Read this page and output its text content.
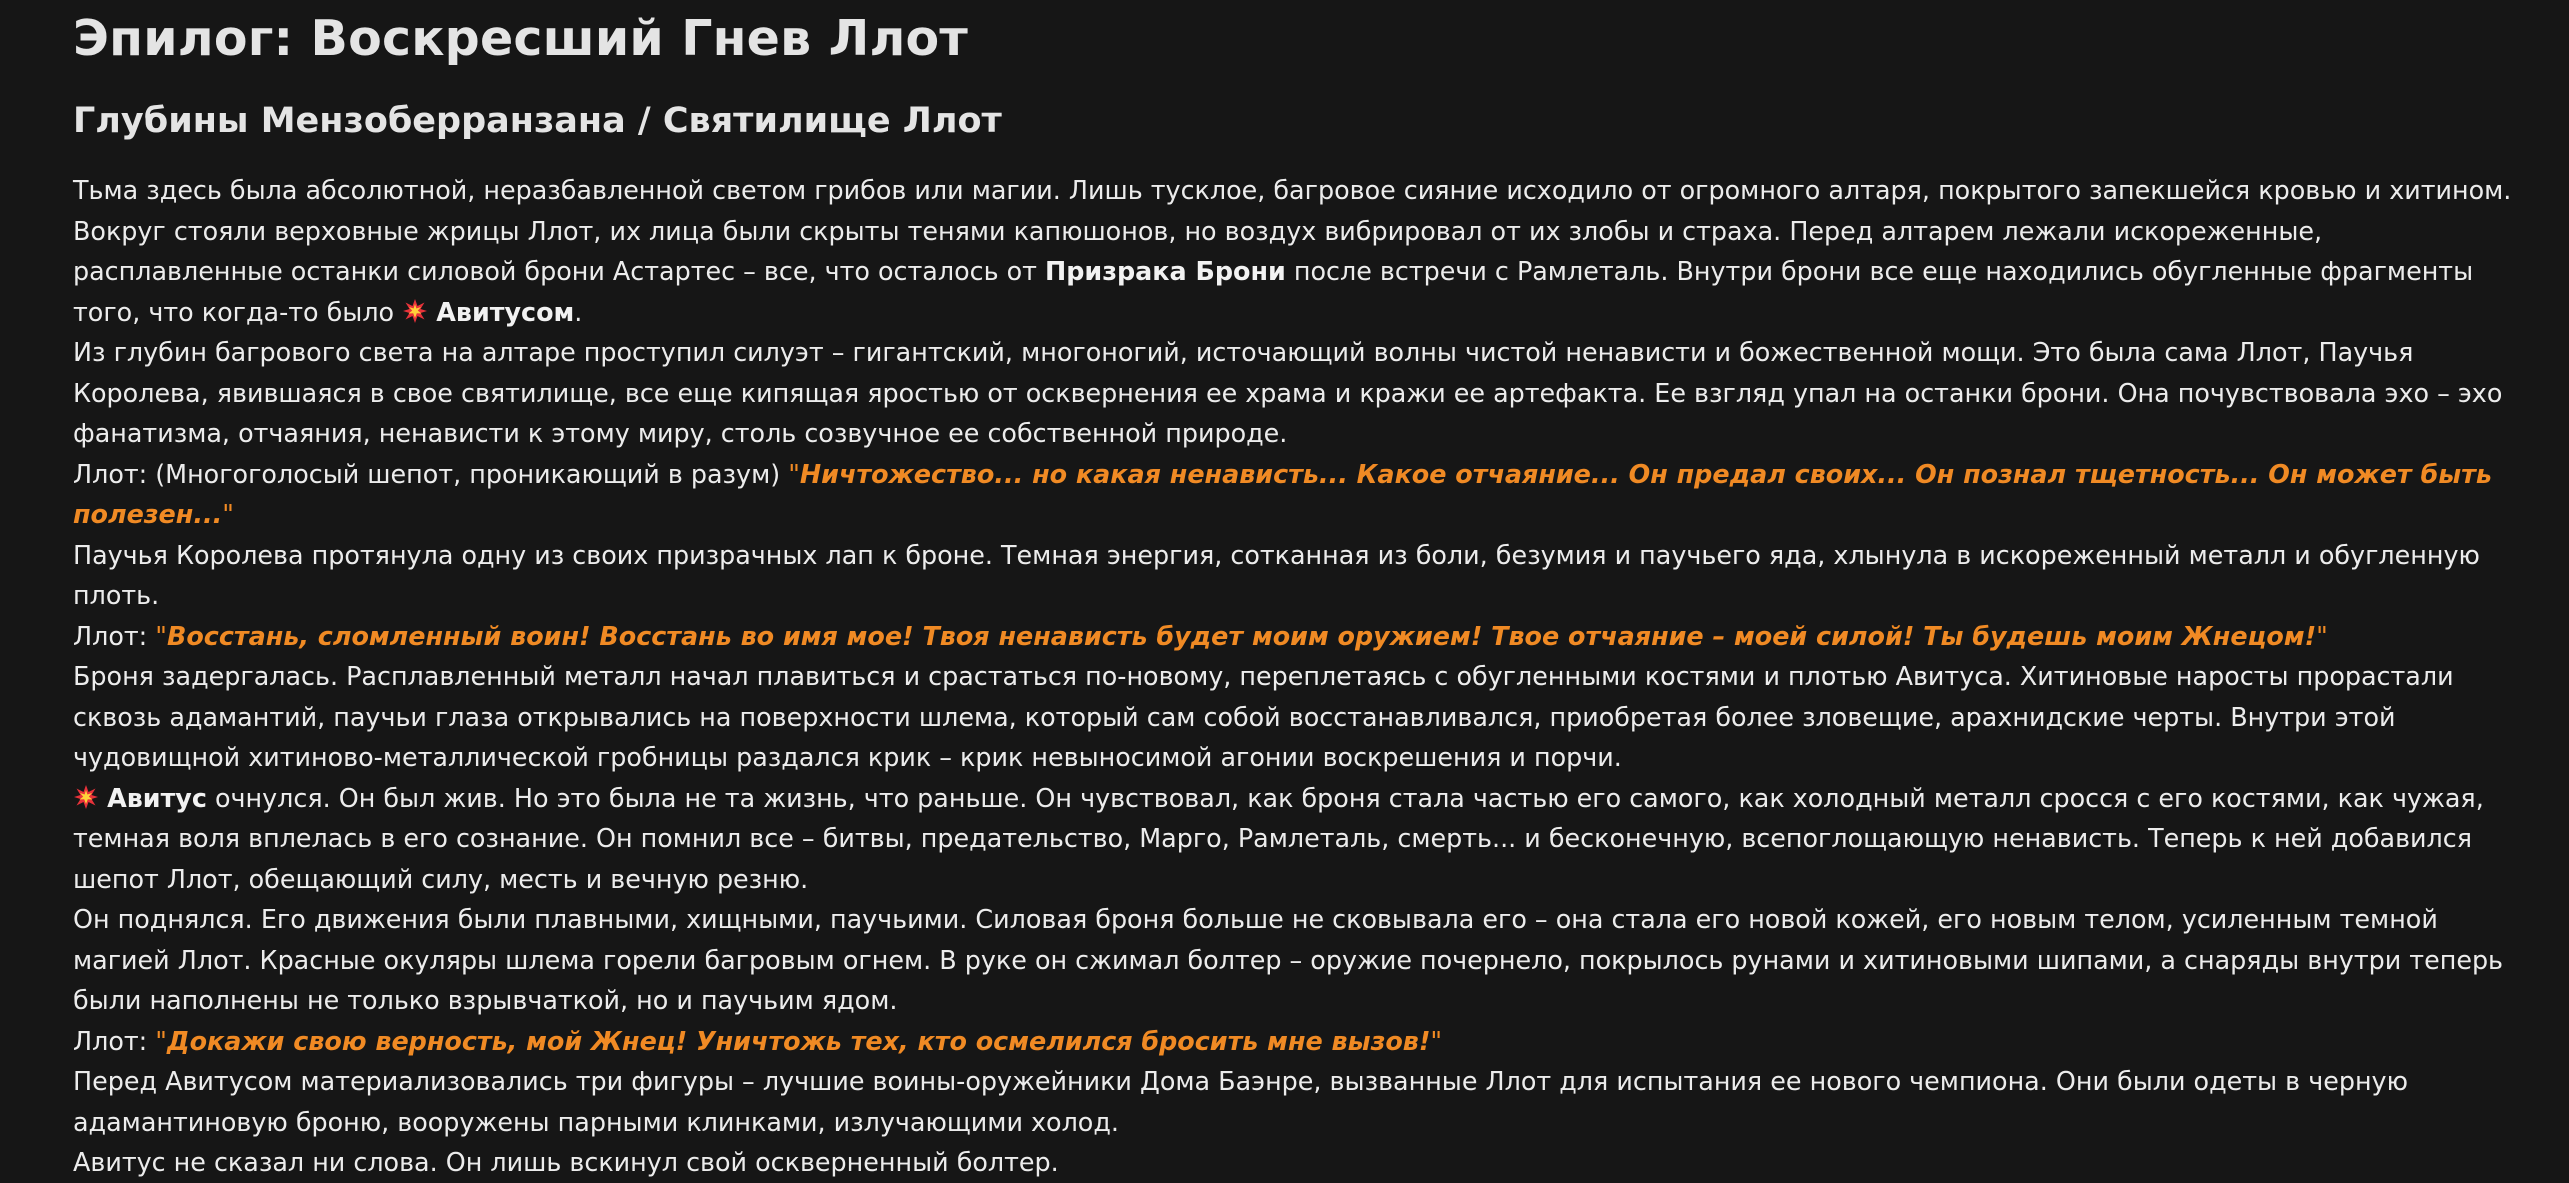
Эпилог: Воскресший Гнев Ллот
Глубины Мензоберранзана / Святилище Ллот

Тьма здесь была абсолютной, неразбавленной светом грибов или магии. Лишь тусклое, багровое сияние исходило от огромного алтаря, покрытого запекшейся кровью и хитином. Вокруг стояли верховные жрицы Ллот, их лица были скрыты тенями капюшонов, но воздух вибрировал от их злобы и страха. Перед алтарем лежали искореженные, расплавленные останки силовой брони Астартес – все, что осталось от Призрака Брони после встречи с Рамлеталь. Внутри брони все еще находились обугленные фрагменты того, что когда-то было
Авитусом.

Из глубин багрового света на алтаре проступил силуэт – гигантский, многоногий, источающий волны чистой ненависти и божественной мощи. Это была сама Ллот, Паучья Королева, явившаяся в свое святилище, все еще кипящая яростью от осквернения ее храма и кражи ее артефакта. Ее взгляд упал на останки брони. Она почувствовала эхо – эхо фанатизма, отчаяния, ненависти к этому миру, столь созвучное ее собственной природе.

Ллот: (Многоголосый шепот, проникающий в разум) "Ничтожество... но какая ненависть... Какое отчаяние... Он предал своих... Он познал тщетность... Он может быть полезен..."

Паучья Королева протянула одну из своих призрачных лап к броне. Темная энергия, сотканная из боли, безумия и паучьего яда, хлынула в искореженный металл и обугленную плоть.

Ллот: "Восстань, сломленный воин! Восстань во имя мое! Твоя ненависть будет моим оружием! Твое отчаяние – моей силой! Ты будешь моим Жнецом!"

Броня задергалась. Расплавленный металл начал плавиться и срастаться по-новому, переплетаясь с обугленными костями и плотью Авитуса. Хитиновые наросты прорастали сквозь адамантий, паучьи глаза открывались на поверхности шлема, который сам собой восстанавливался, приобретая более зловещие, арахнидские черты. Внутри этой чудовищной хитиново-металлической гробницы раздался крик – крик невыносимой агонии воскрешения и порчи.

Авитус очнулся. Он был жив. Но это была не та жизнь, что раньше. Он чувствовал, как броня стала частью его самого, как холодный металл сросся с его костями, как чужая, темная воля вплелась в его сознание. Он помнил все – битвы, предательство, Марго, Рамлеталь, смерть... и бесконечную, всепоглощающую ненависть. Теперь к ней добавился шепот Ллот, обещающий силу, месть и вечную резню.

Он поднялся. Его движения были плавными, хищными, паучьими. Силовая броня больше не сковывала его – она стала его новой кожей, его новым телом, усиленным темной магией Ллот. Красные окуляры шлема горели багровым огнем. В руке он сжимал болтер – оружие почернело, покрылось рунами и хитиновыми шипами, а снаряды внутри теперь были наполнены не только взрывчаткой, но и паучьим ядом.

Ллот: "Докажи свою верность, мой Жнец! Уничтожь тех, кто осмелился бросить мне вызов!"

Перед Авитусом материализовались три фигуры – лучшие воины-оружейники Дома Баэнре, вызванные Ллот для испытания ее нового чемпиона. Они были одеты в черную адамантиновую броню, вооружены парными клинками, излучающими холод.

Авитус не сказал ни слова. Он лишь вскинул свой оскверненный болтер.
